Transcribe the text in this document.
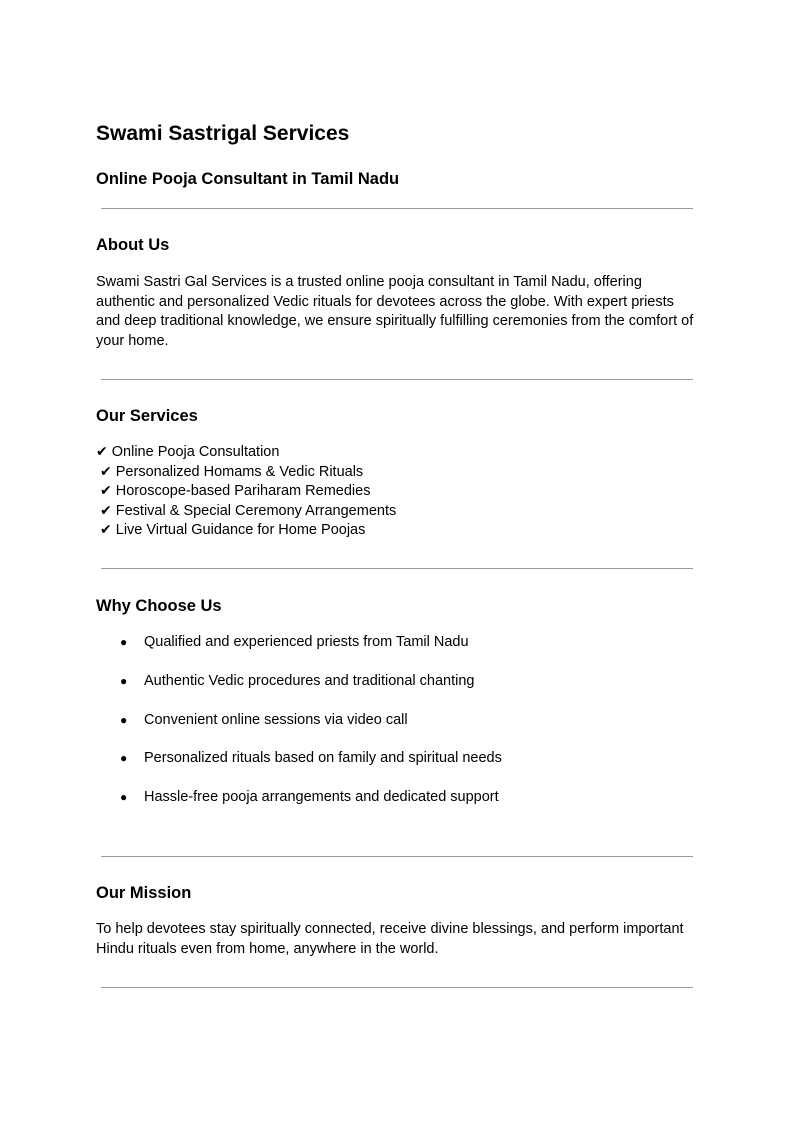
Swami Sastrigal Services
Online Pooja Consultant in Tamil Nadu
About Us

Swami Sastri Gal Services is a trusted online pooja consultant in Tamil Nadu, offering authentic and personalized Vedic rituals for devotees across the globe. With expert priests and deep traditional knowledge, we ensure spiritually fulfilling ceremonies from the comfort of your home.

Our Services
✔ Online Pooja Consultation
✔ Personalized Homams & Vedic Rituals
✔ Horoscope-based Pariharam Remedies
✔ Festival & Special Ceremony Arrangements
✔ Live Virtual Guidance for Home Poojas
Why Choose Us
● Qualified and experienced priests from Tamil Nadu
● Authentic Vedic procedures and traditional chanting
● Convenient online sessions via video call
● Personalized rituals based on family and spiritual needs
● Hassle-free pooja arrangements and dedicated support
Our Mission

To help devotees stay spiritually connected, receive divine blessings, and perform important Hindu rituals even from home, anywhere in the world.
